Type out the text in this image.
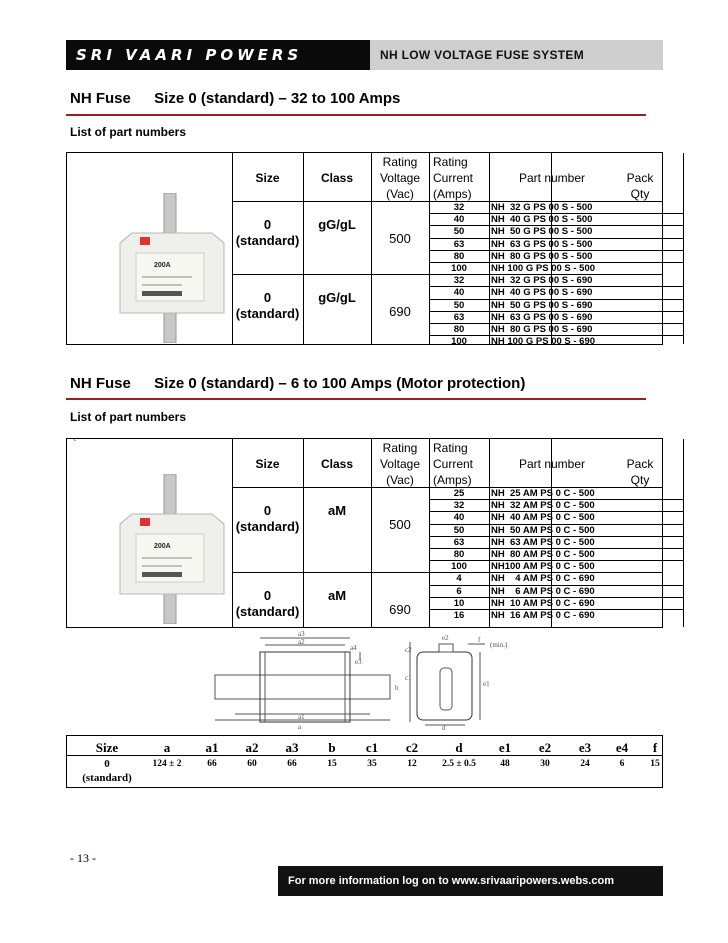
SRI VAARI POWERS	NH LOW VOLTAGE FUSE SYSTEM
NH Fuse Size 0 (standard) – 32 to 100 Amps
List of part numbers
Size	Class
Rating
Voltage
(Vac)
Rating
Current
(Amps)
Part number	Pack
Qty
0
(standard)
gG/gL
500
32	NH  32 G PS 00 S - 500
40	NH  40 G PS 00 S - 500
50	NH  50 G PS 00 S - 500
63	NH  63 G PS 00 S - 500
80	NH  80 G PS 00 S - 500
100	NH 100 G PS 00 S - 500
0
(standard)
gG/gL
690
32	NH  32 G PS 00 S - 690
40	NH  40 G PS 00 S - 690
50	NH  50 G PS 00 S - 690
63	NH  63 G PS 00 S - 690
80	NH  80 G PS 00 S - 690
100	NH 100 G PS 00 S - 690
200A
NH Fuse Size 0 (standard) – 6 to 100 Amps (Motor protection)
List of part numbers
Size	Class
Rating
Voltage
(Vac)
Rating
Current
(Amps)
Part number	Pack
Qty
0
(standard)
aM
500
25	NH  25 AM PS 0 C - 500
32	NH  32 AM PS 0 C - 500
40	NH  40 AM PS 0 C - 500
50	NH  50 AM PS 0 C - 500
63	NH  63 AM PS 0 C - 500
80	NH  80 AM PS 0 C - 500
100	NH100 AM PS 0 C - 500
0
(standard)
aM
690
4	NH    4 AM PS 0 C - 690
6	NH    6 AM PS 0 C - 690
10	NH  10 AM PS 0 C - 690
16	NH  16 AM PS 0 C - 690
200A
`
a3
a2
a4
e3
b
a1
a
c2
c1
e2
(min.)
e1
d
f
Size	a	a1	a2	a3	b	c1	c2	d	e1	e2	e3	e4	f
0
(standard)
124 ± 2	66	60	66	15	35	12	2.5 ± 0.5	48	30	24	6	15
- 13 -
For more information log on to www.srivaaripowers.webs.com
